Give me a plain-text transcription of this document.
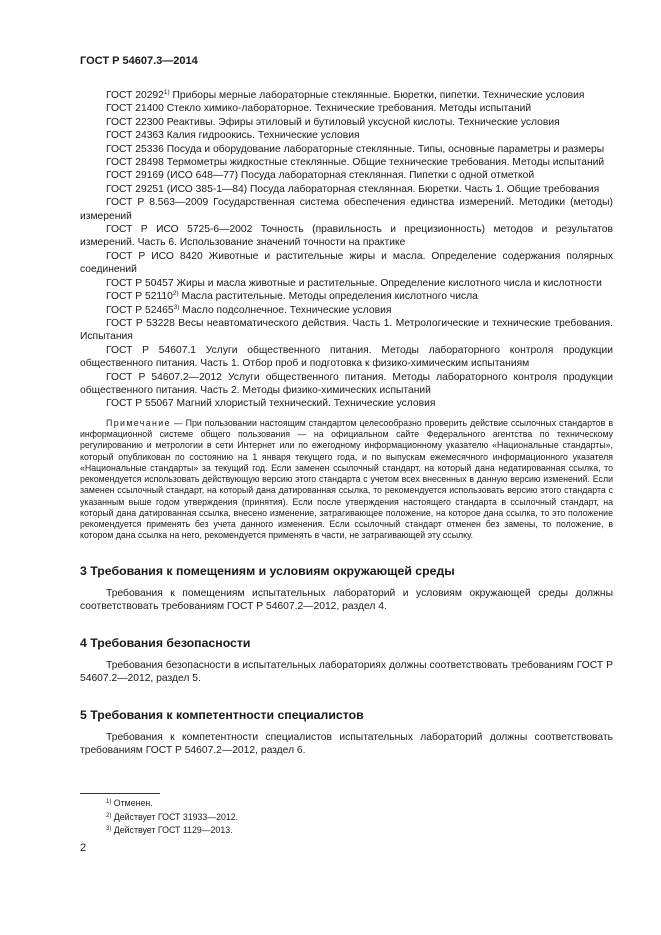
ГОСТ Р 54607.3—2014

ГОСТ 20292$^{1)}$ Приборы мерные лабораторные стеклянные. Бюретки, пипетки. Технические условия

ГОСТ 21400 Стекло химико-лабораторное. Технические требования. Методы испытаний

ГОСТ 22300 Реактивы. Эфиры этиловый и бутиловый уксусной кислоты. Технические условия

ГОСТ 24363 Калия гидроокись. Технические условия

ГОСТ 25336 Посуда и оборудование лабораторные стеклянные. Типы, основные параметры и размеры

ГОСТ 28498 Термометры жидкостные стеклянные. Общие технические требования. Методы испытаний

ГОСТ 29169 (ИСО 648—77) Посуда лабораторная стеклянная. Пипетки с одной отметкой

ГОСТ 29251 (ИСО 385-1—84) Посуда лабораторная стеклянная. Бюретки. Часть 1. Общие требования

ГОСТ Р 8.563—2009 Государственная система обеспечения единства измерений. Методики (методы) измерений

ГОСТ Р ИСО 5725-6—2002 Точность (правильность и прецизионность) методов и результатов измерений. Часть 6. Использование значений точности на практике

ГОСТ Р ИСО 8420 Животные и растительные жиры и масла. Определение содержания полярных соединений

ГОСТ Р 50457 Жиры и масла животные и растительные. Определение кислотного числа и кислотности

ГОСТ Р 52110$^{2)}$ Масла растительные. Методы определения кислотного числа

ГОСТ Р 52465$^{3)}$ Масло подсолнечное. Технические условия

ГОСТ Р 53228 Весы неавтоматического действия. Часть 1. Метрологические и технические требования. Испытания

ГОСТ Р 54607.1 Услуги общественного питания. Методы лабораторного контроля продукции общественного питания. Часть 1. Отбор проб и подготовка к физико-химическим испытаниям

ГОСТ Р 54607.2—2012 Услуги общественного питания. Методы лабораторного контроля продукции общественного питания. Часть 2. Методы физико-химических испытаний

ГОСТ Р 55067 Магний хлористый технический. Технические условия

Примечание — При пользовании настоящим стандартом целесообразно проверить действие ссылочных стандартов в информационной системе общего пользования — на официальном сайте Федерального агентства по техническому регулированию и метрологии в сети Интернет или по ежегодному информационному указателю «Национальные стандарты», который опубликован по состоянию на 1 января текущего года, и по выпускам ежемесячного информационного указателя «Национальные стандарты» за текущий год. Если заменен ссылочный стандарт, на который дана недатированная ссылка, то рекомендуется использовать действующую версию этого стандарта с учетом всех внесенных в данную версию изменений. Если заменен ссылочный стандарт, на который дана датированная ссылка, то рекомендуется использовать версию этого стандарта с указанным выше годом утверждения (принятия). Если после утверждения настоящего стандарта в ссылочный стандарт, на который дана датированная ссылка, внесено изменение, затрагивающее положение, на которое дана ссылка, то это положение рекомендуется применять без учета данного изменения. Если ссылочный стандарт отменен без замены, то положение, в котором дана ссылка на него, рекомендуется применять в части, не затрагивающей эту ссылку.

3 Требования к помещениям и условиям окружающей среды

Требования к помещениям испытательных лабораторий и условиям окружающей среды должны соответствовать требованиям ГОСТ Р 54607.2—2012, раздел 4.

4 Требования безопасности

Требования безопасности в испытательных лабораториях должны соответствовать требованиям ГОСТ Р 54607.2—2012, раздел 5.

5 Требования к компетентности специалистов

Требования к компетентности специалистов испытательных лабораторий должны соответствовать требованиям ГОСТ Р 54607.2—2012, раздел 6.

$^{1)}$ Отменен.
$^{2)}$ Действует ГОСТ 31933—2012.
$^{3)}$ Действует ГОСТ 1129—2013.
2
